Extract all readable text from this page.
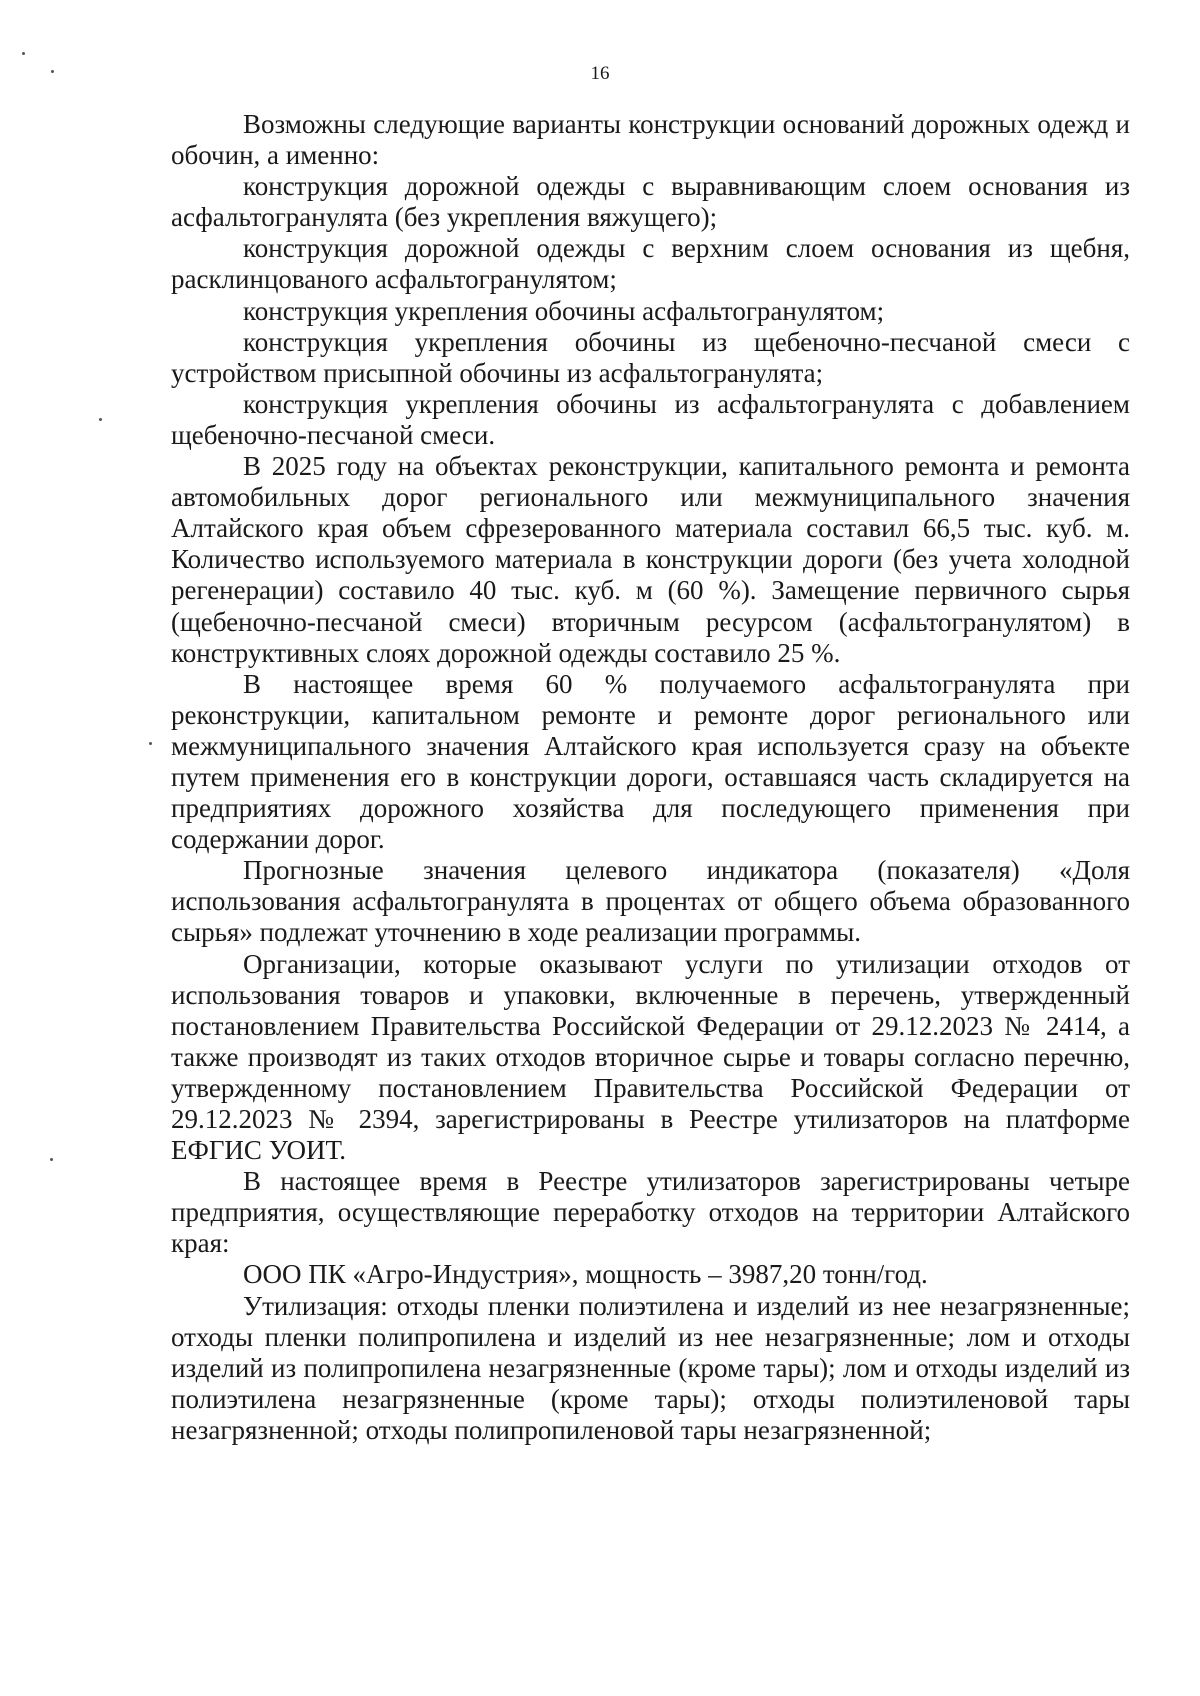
16

Возможны следующие варианты конструкции оснований дорожных одежд и обочин, а именно:

конструкция дорожной одежды с выравнивающим слоем основания из асфальтогранулята (без укрепления вяжущего);

конструкция дорожной одежды с верхним слоем основания из щебня, расклинцованого асфальтогранулятом;

конструкция укрепления обочины асфальтогранулятом;

конструкция укрепления обочины из щебеночно-песчаной смеси с устройством присыпной обочины из асфальтогранулята;

конструкция укрепления обочины из асфальтогранулята с добавлением щебеночно-песчаной смеси.

В 2025 году на объектах реконструкции, капитального ремонта и ремонта автомобильных дорог регионального или межмуниципального значения Алтайского края объем сфрезерованного материала составил 66,5 тыс. куб. м. Количество используемого материала в конструкции дороги (без учета холодной регенерации) составило 40 тыс. куб. м (60 %). Замещение первичного сырья (щебеночно-песчаной смеси) вторичным ресурсом (асфальтогранулятом) в конструктивных слоях дорожной одежды составило 25 %.

В настоящее время 60 % получаемого асфальтогранулята при реконструкции, капитальном ремонте и ремонте дорог регионального или межмуниципального значения Алтайского края используется сразу на объекте путем применения его в конструкции дороги, оставшаяся часть складируется на предприятиях дорожного хозяйства для последующего применения при содержании дорог.

Прогнозные значения целевого индикатора (показателя) «Доля использования асфальтогранулята в процентах от общего объема образованного сырья» подлежат уточнению в ходе реализации программы.

Организации, которые оказывают услуги по утилизации отходов от использования товаров и упаковки, включенные в перечень, утвержденный постановлением Правительства Российской Федерации от 29.12.2023 № 2414, а также производят из таких отходов вторичное сырье и товары согласно перечню, утвержденному постановлением Правительства Российской Федерации от 29.12.2023 № 2394, зарегистрированы в Реестре утилизаторов на платформе ЕФГИС УОИТ.

В настоящее время в Реестре утилизаторов зарегистрированы четыре предприятия, осуществляющие переработку отходов на территории Алтайского края:

ООО ПК «Агро-Индустрия», мощность – 3987,20 тонн/год.

Утилизация: отходы пленки полиэтилена и изделий из нее незагрязненные; отходы пленки полипропилена и изделий из нее незагрязненные; лом и отходы изделий из полипропилена незагрязненные (кроме тары); лом и отходы изделий из полиэтилена незагрязненные (кроме тары); отходы полиэтиленовой тары незагрязненной; отходы полипропиленовой тары незагрязненной;
